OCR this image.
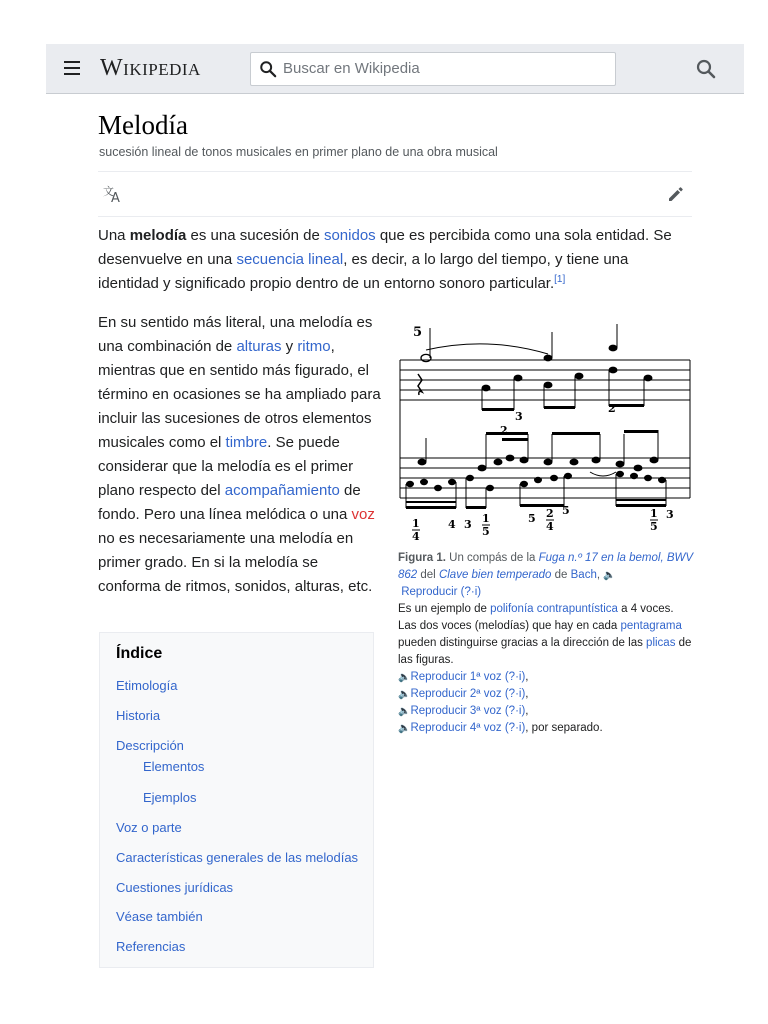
Wikipedia
Buscar en Wikipedia
Melodía
sucesión lineal de tonos musicales en primer plano de una obra musical
文
A

Una melodía es una sucesión de sonidos que es percibida como una sola entidad. Se desenvuelve en una secuencia lineal, es decir, a lo largo del tiempo, y tiene una identidad y significado propio dentro de un entorno sonoro particular.[1]

En su sentido más literal, una melodía es una combinación de alturas y ritmo, mientras que en sentido más figurado, el término en ocasiones se ha ampliado para incluir las sucesiones de otros elementos musicales como el timbre. Se puede considerar que la melodía es el primer plano respecto del acompañamiento de fondo. Pero una línea melódica o una voz no es necesariamente una melodía en primer grado. En si la melodía se conforma de ritmos, sonidos, alturas, etc.

5
3
2
2
1
4
4 3 1
5
5 2
4
5	1
5
3
Figura 1. Un compás de la Fuga n.º 17 en la bemol, BWV 862 del Clave bien temperado de Bach, 🔈
Reproducir (?·i)
Es un ejemplo de polifonía contrapuntística a 4 voces. Las dos voces (melodías) que hay en cada pentagrama pueden distinguirse gracias a la dirección de las plicas de las figuras.
🔈Reproducir 1ª voz (?·i),
🔈Reproducir 2ª voz (?·i),
🔈Reproducir 3ª voz (?·i),
🔈Reproducir 4ª voz (?·i), por separado.
Índice
Etimología
Historia
Descripción
Elementos
Ejemplos
Voz o parte
Características generales de las melodías
Cuestiones jurídicas
Véase también
Referencias
